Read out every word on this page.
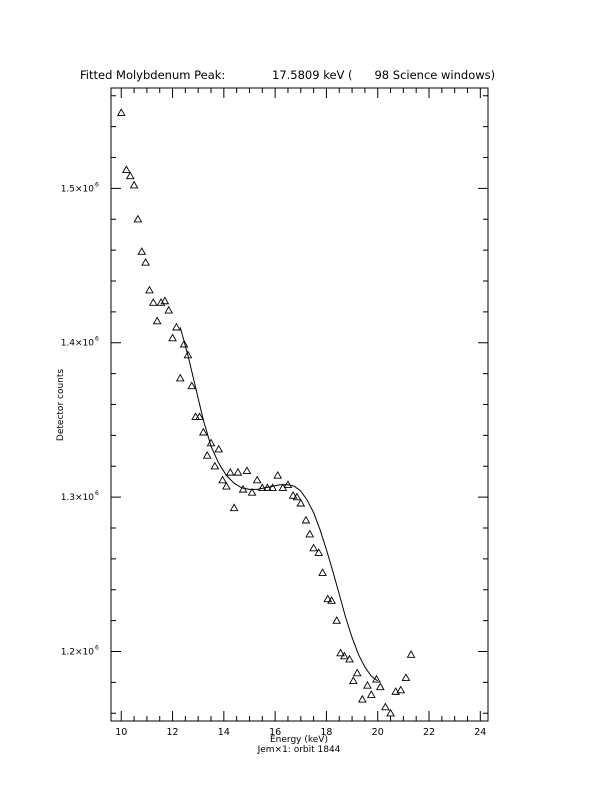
Fitted Molybdenum Peak:	17.5809 keV (      98 Science windows)
10	12	14	16	18	20	22	24
1.2×10 6
1.3×10 6
1.4×10 6
1.5×10 6
Energy (keV)
Jem×1: orbit 1844
Detector counts
